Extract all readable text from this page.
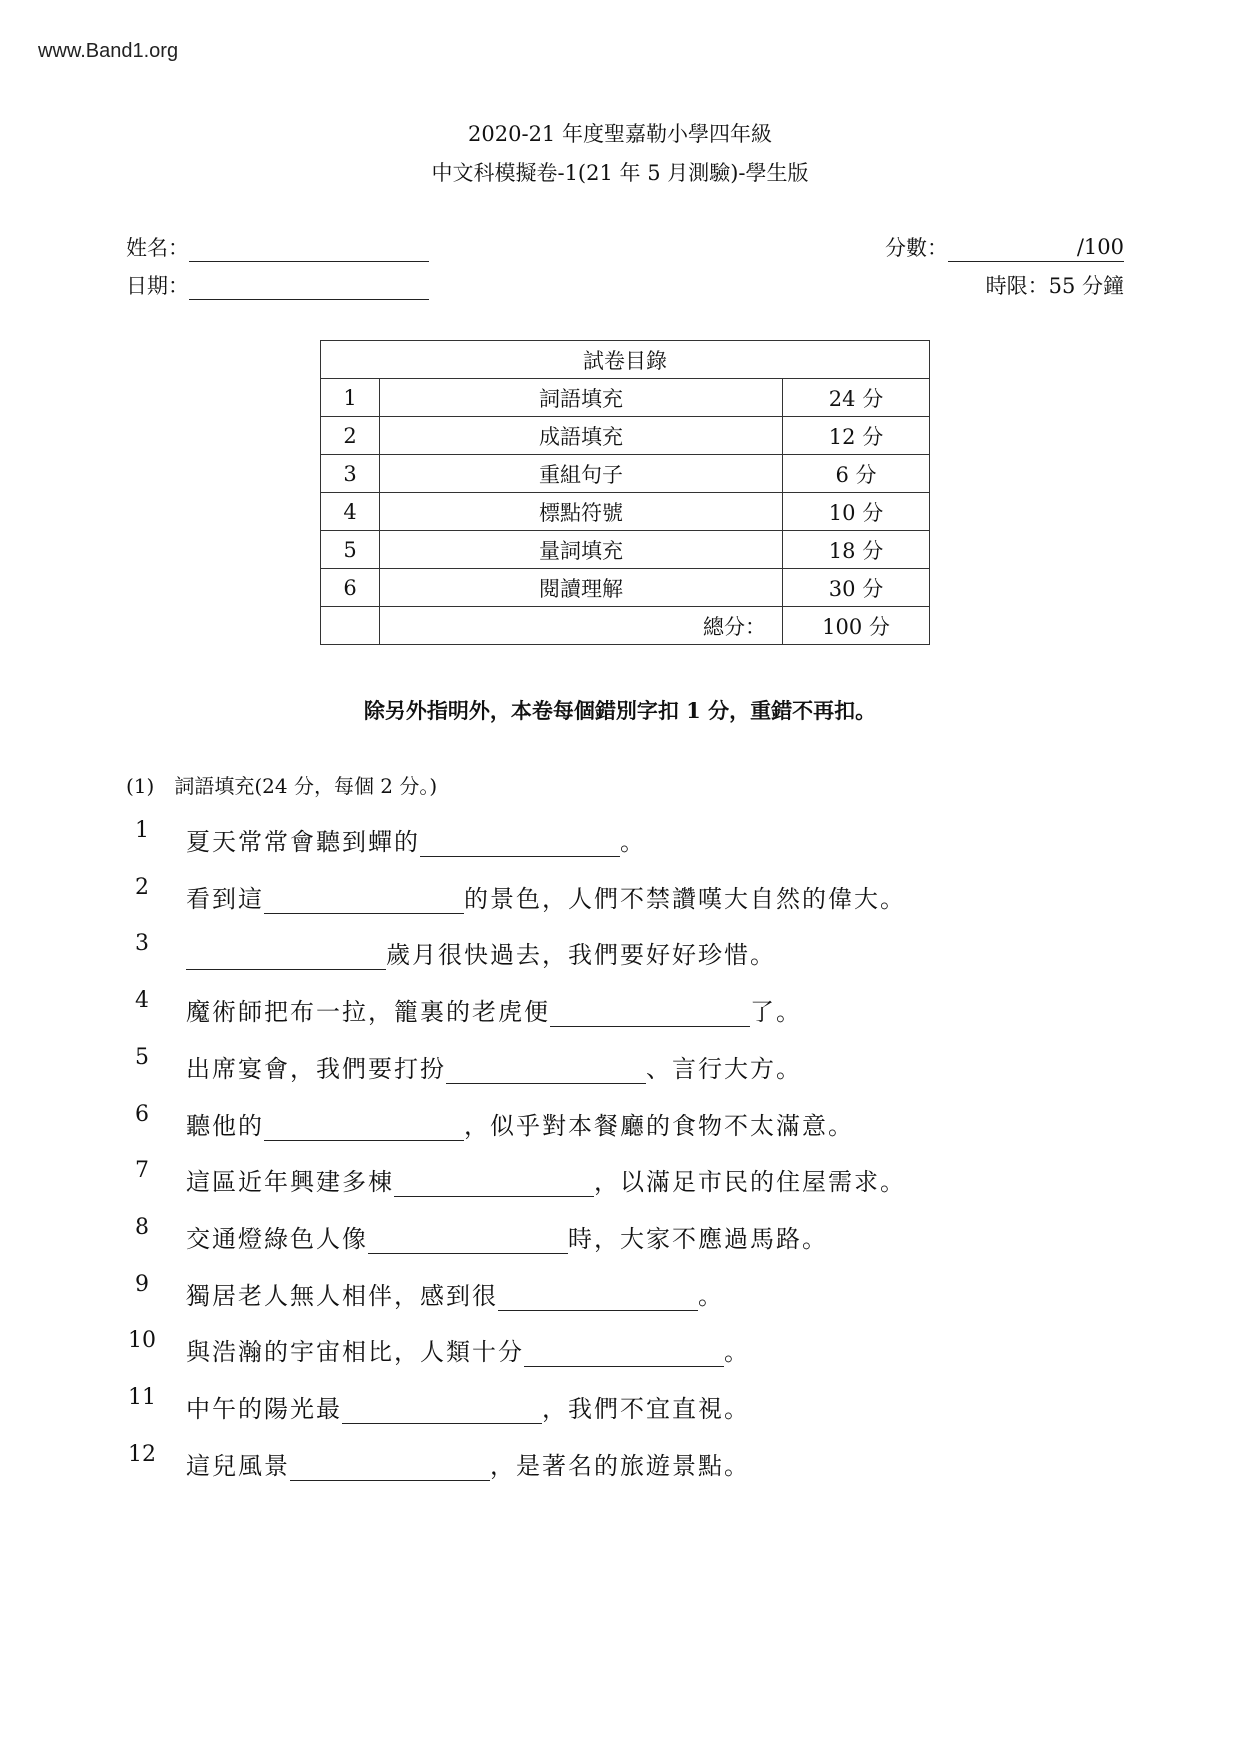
www.Band1.org
2020-21 年度聖嘉勒小學四年級
中文科模擬卷-1(21 年 5 月測驗)-學生版
姓名：
日期：
分數：	/100
時限：55 分鐘
試卷目錄		
1	詞語填充	24 分
2	成語填充	12 分
3	重組句子	6 分
4	標點符號	10 分
5	量詞填充	18 分
6	閱讀理解	30 分
	總分：	100 分
除另外指明外，本卷每個錯別字扣 1 分，重錯不再扣。
(1)　詞語填充(24 分，每個 2 分。)
1	夏天常常會聽到蟬的	。
2	看到這	的景色，人們不禁讚嘆大自然的偉大。
3	歲月很快過去，我們要好好珍惜。
4	魔術師把布一拉，籠裏的老虎便	了。
5	出席宴會，我們要打扮	、言行大方。
6	聽他的	，似乎對本餐廳的食物不太滿意。
7	這區近年興建多棟	，以滿足市民的住屋需求。
8	交通燈綠色人像	時，大家不應過馬路。
9	獨居老人無人相伴，感到很	。
10 與浩瀚的宇宙相比，人類十分	。
11 中午的陽光最	，我們不宜直視。
12 這兒風景	，是著名的旅遊景點。
